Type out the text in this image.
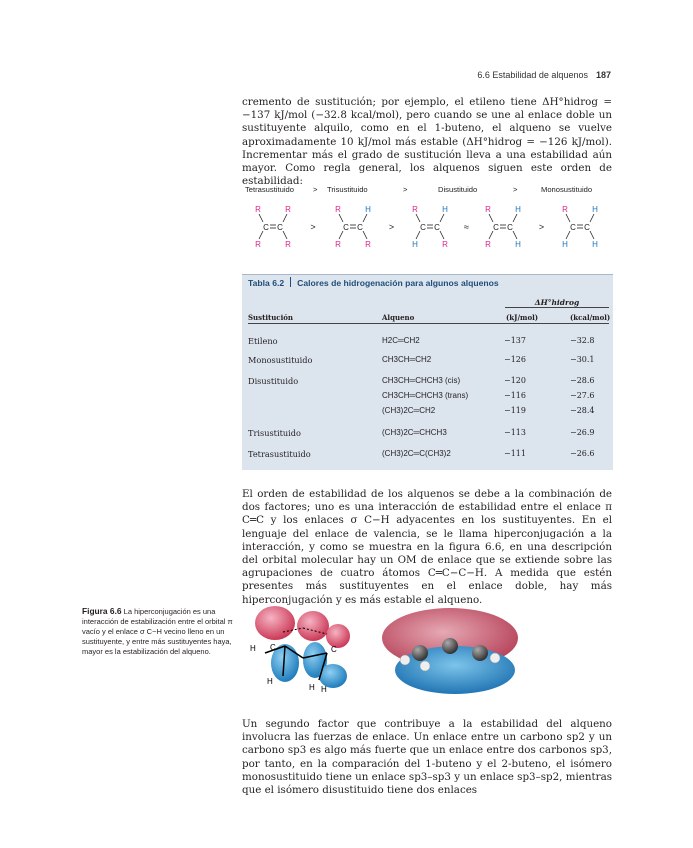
6.6 Estabilidad de alquenos 187

cremento de sustitución; por ejemplo, el etileno tiene ΔH°hidrog = −137 kJ/mol (−32.8 kcal/mol), pero cuando se une al enlace doble un sustituyente alquilo, como en el 1-buteno, el alqueno se vuelve aproximadamente 10 kJ/mol más estable (ΔH°hidrog = −126 kJ/mol). Incrementar más el grado de sustitución lleva a una estabilidad aún mayor. Como regla general, los alquenos siguen este orden de estabilidad:

Tetrasustituido	> Trisustituido	>	Disustituido	>	Monosustituido
C C
R	R
R	R
>	C C
R	H
R	R
>	C C
R	H
H	R
≈	C C
R	H
R	H
>	C C
R	H
H	H
Etileno	H2C═CH2	−137	−32.8
Monosustituido	CH3CH═CH2	−126	−30.1
Disustituido	CH3CH═CHCH3 (cis)	−120	−28.6
CH3CH═CHCH3 (trans)	−116	−27.6
(CH3)2C═CH2	−119	−28.4
Trisustituido	(CH3)2C═CHCH3	−113	−26.9
Tetrasustituido	(CH3)2C═C(CH3)2	−111	−26.6
Tabla 6.2 Calores de hidrogenación para algunos alquenos
ΔH°hidrog
Sustitución	Alqueno	(kJ/mol)	(kcal/mol)

El orden de estabilidad de los alquenos se debe a la combinación de dos factores; uno es una interacción de estabilidad entre el enlace π C═C y los enlaces σ C−H adyacentes en los sustituyentes. En el lenguaje del enlace de valencia, se le llama hiperconjugación a la interacción, y como se muestra en la figura 6.6, en una descripción del orbital molecular hay un OM de enlace que se extiende sobre las agrupaciones de cuatro átomos C═C−C−H. A medida que estén presentes más sustituyentes en el enlace doble, hay más hiperconjugación y es más estable el alqueno.

Figura 6.6 La hiperconjugación es una interacción de estabilización entre el orbital π vacío y el enlace σ C−H vecino lleno en un sustituyente, y entre más sustituyentes haya, mayor es la estabilización del alqueno.	H C
H
C
H H

Un segundo factor que contribuye a la estabilidad del alqueno involucra las fuerzas de enlace. Un enlace entre un carbono sp2 y un carbono sp3 es algo más fuerte que un enlace entre dos carbonos sp3, por tanto, en la comparación del 1-buteno y el 2-buteno, el isómero monosustituido tiene un enlace sp3–sp3 y un enlace sp3–sp2, mientras que el isómero disustituido tiene dos enlaces
